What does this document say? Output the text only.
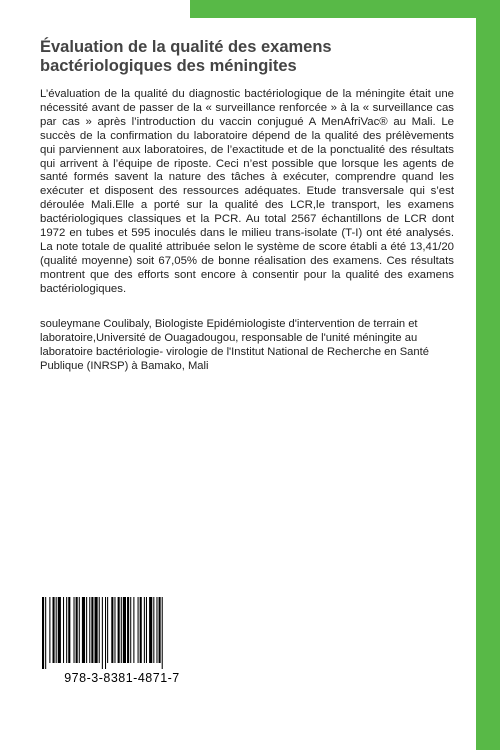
Évaluation de la qualité des examens bactériologiques des méningites

L’évaluation de la qualité du diagnostic bactériologique de la méningite était une nécessité avant de passer de la « surveillance renforcée » à la « surveillance cas par cas » après l’introduction du vaccin conjugué A MenAfriVac® au Mali. Le succès de la confirmation du laboratoire dépend de la qualité des prélèvements qui parviennent aux laboratoires, de l’exactitude et de la ponctualité des résultats qui arrivent à l’équipe de riposte. Ceci n’est possible que lorsque les agents de santé formés savent la nature des tâches à exécuter, comprendre quand les exécuter et disposent des ressources adéquates. Etude transversale qui s’est déroulée Mali.Elle a porté sur la qualité des LCR,le transport, les examens bactériologiques classiques et la PCR. Au total 2567 échantillons de LCR dont 1972 en tubes et 595 inoculés dans le milieu trans-isolate (T-I) ont été analysés. La note totale de qualité attribuée selon le système de score établi a été 13,41/20 (qualité moyenne) soit 67,05% de bonne réalisation des examens. Ces résultats montrent que des efforts sont encore à consentir pour la qualité des examens bactériologiques.

souleymane Coulibaly, Biologiste Epidémiologiste d'intervention de terrain et laboratoire,Université de Ouagadougou, responsable de l'unité méningite au laboratoire bactériologie- virologie de l'Institut National de Recherche en Santé Publique (INRSP) à Bamako, Mali

978-3-8381-4871-7
